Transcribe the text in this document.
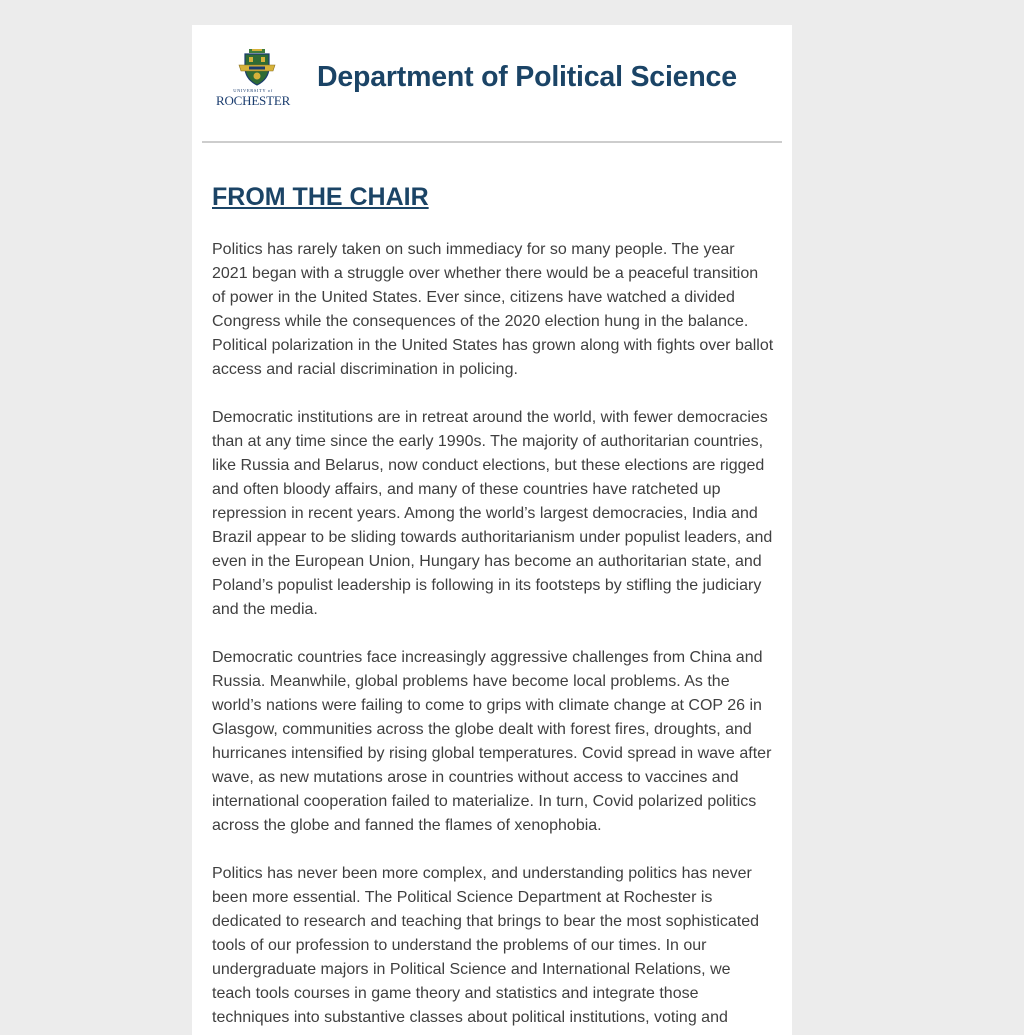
UNIVERSITY of
ROCHESTER
Department of Political Science
FROM THE CHAIR

Politics has rarely taken on such immediacy for so many people. The year 2021 began with a struggle over whether there would be a peaceful transition of power in the United States. Ever since, citizens have watched a divided Congress while the consequences of the 2020 election hung in the balance. Political polarization in the United States has grown along with fights over ballot access and racial discrimination in policing.

Democratic institutions are in retreat around the world, with fewer democracies than at any time since the early 1990s. The majority of authoritarian countries, like Russia and Belarus, now conduct elections, but these elections are rigged and often bloody affairs, and many of these countries have ratcheted up repression in recent years. Among the world’s largest democracies, India and Brazil appear to be sliding towards authoritarianism under populist leaders, and even in the European Union, Hungary has become an authoritarian state, and Poland’s populist leadership is following in its footsteps by stifling the judiciary and the media.

Democratic countries face increasingly aggressive challenges from China and Russia. Meanwhile, global problems have become local problems. As the world’s nations were failing to come to grips with climate change at COP 26 in Glasgow, communities across the globe dealt with forest fires, droughts, and hurricanes intensified by rising global temperatures. Covid spread in wave after wave, as new mutations arose in countries without access to vaccines and international cooperation failed to materialize. In turn, Covid polarized politics across the globe and fanned the flames of xenophobia.

Politics has never been more complex, and understanding politics has never been more essential. The Political Science Department at Rochester is dedicated to research and teaching that brings to bear the most sophisticated tools of our profession to understand the problems of our times. In our undergraduate majors in Political Science and International Relations, we teach tools courses in game theory and statistics and integrate those techniques into substantive classes about political institutions, voting and
